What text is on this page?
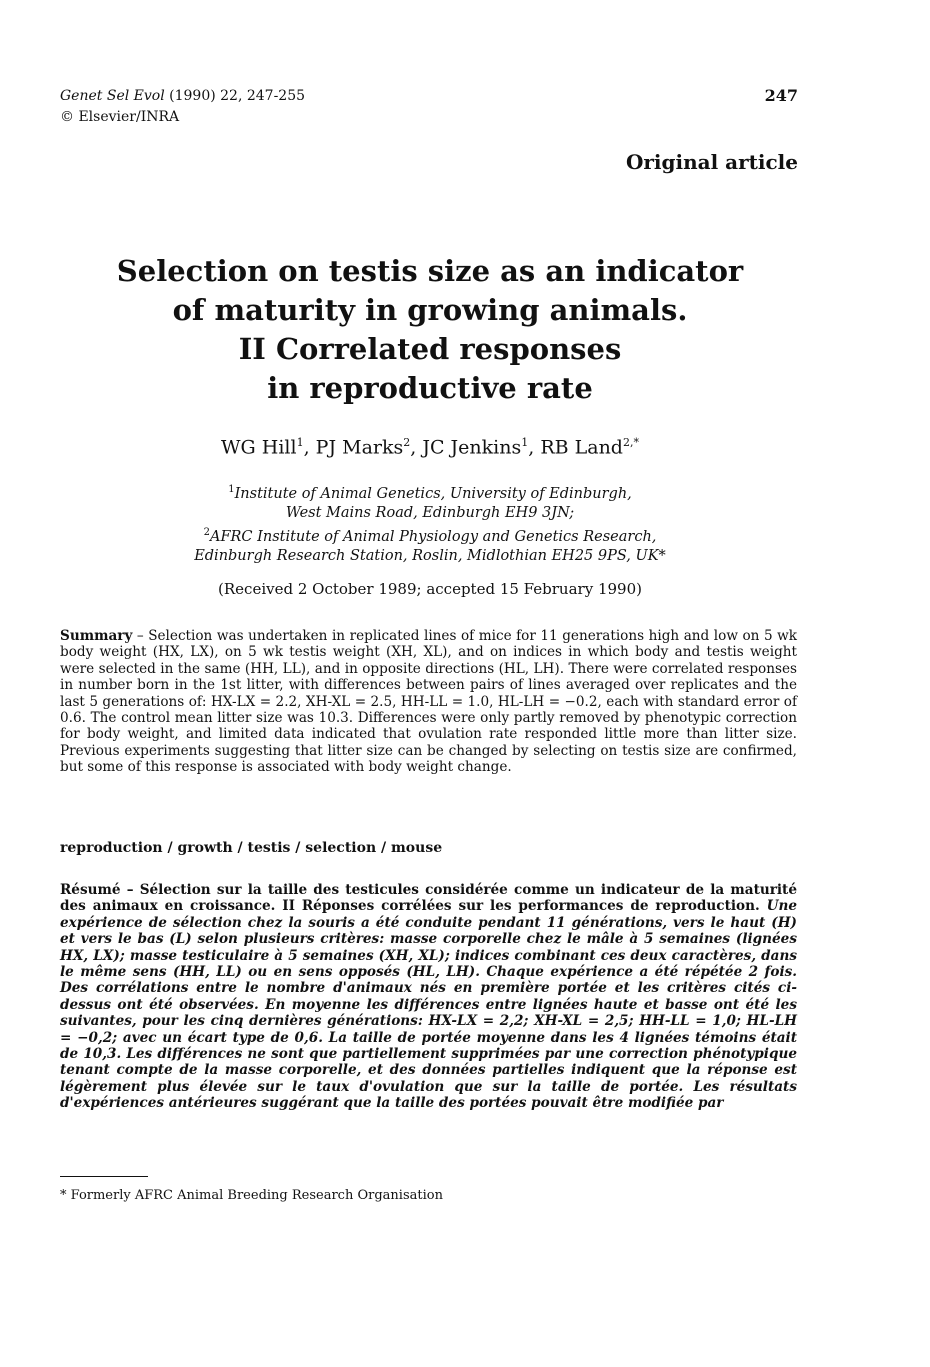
Genet Sel Evol (1990) 22, 247-255
© Elsevier/INRA
247
Original article
Selection on testis size as an indicator
of maturity in growing animals.
II Correlated responses
in reproductive rate
WG Hill$^1$, PJ Marks$^2$, JC Jenkins$^1$, RB Land$^{2,*}$
$^1$Institute of Animal Genetics, University of Edinburgh,
West Mains Road, Edinburgh EH9 3JN;
$^2$AFRC Institute of Animal Physiology and Genetics Research,
Edinburgh Research Station, Roslin, Midlothian EH25 9PS, UK*
(Received 2 October 1989; accepted 15 February 1990)
Summary – Selection was undertaken in replicated lines of mice for 11 generations high and low on 5 wk body weight (HX, LX), on 5 wk testis weight (XH, XL), and on indices in which body and testis weight were selected in the same (HH, LL), and in opposite directions (HL, LH). There were correlated responses in number born in the 1st litter, with differences between pairs of lines averaged over replicates and the last 5 generations of: HX-LX = 2.2, XH-XL = 2.5, HH-LL = 1.0, HL-LH = −0.2, each with standard error of 0.6. The control mean litter size was 10.3. Differences were only partly removed by phenotypic correction for body weight, and limited data indicated that ovulation rate responded little more than litter size. Previous experiments suggesting that litter size can be changed by selecting on testis size are confirmed, but some of this response is associated with body weight change.
reproduction / growth / testis / selection / mouse
Résumé – Sélection sur la taille des testicules considérée comme un indicateur de la maturité des animaux en croissance. II Réponses corrélées sur les performances de reproduction. Une expérience de sélection chez la souris a été conduite pendant 11 générations, vers le haut (H) et vers le bas (L) selon plusieurs critères: masse corporelle chez le mâle à 5 semaines (lignées HX, LX); masse testiculaire à 5 semaines (XH, XL); indices combinant ces deux caractères, dans le même sens (HH, LL) ou en sens opposés (HL, LH). Chaque expérience a été répétée 2 fois. Des corrélations entre le nombre d'animaux nés en première portée et les critères cités ci-dessus ont été observées. En moyenne les différences entre lignées haute et basse ont été les suivantes, pour les cinq dernières générations: HX-LX = 2,2; XH-XL = 2,5; HH-LL = 1,0; HL-LH = −0,2; avec un écart type de 0,6. La taille de portée moyenne dans les 4 lignées témoins était de 10,3. Les différences ne sont que partiellement supprimées par une correction phénotypique tenant compte de la masse corporelle, et des données partielles indiquent que la réponse est légèrement plus élevée sur le taux d'ovulation que sur la taille de portée. Les résultats d'expériences antérieures suggérant que la taille des portées pouvait être modifiée par
* Formerly AFRC Animal Breeding Research Organisation
